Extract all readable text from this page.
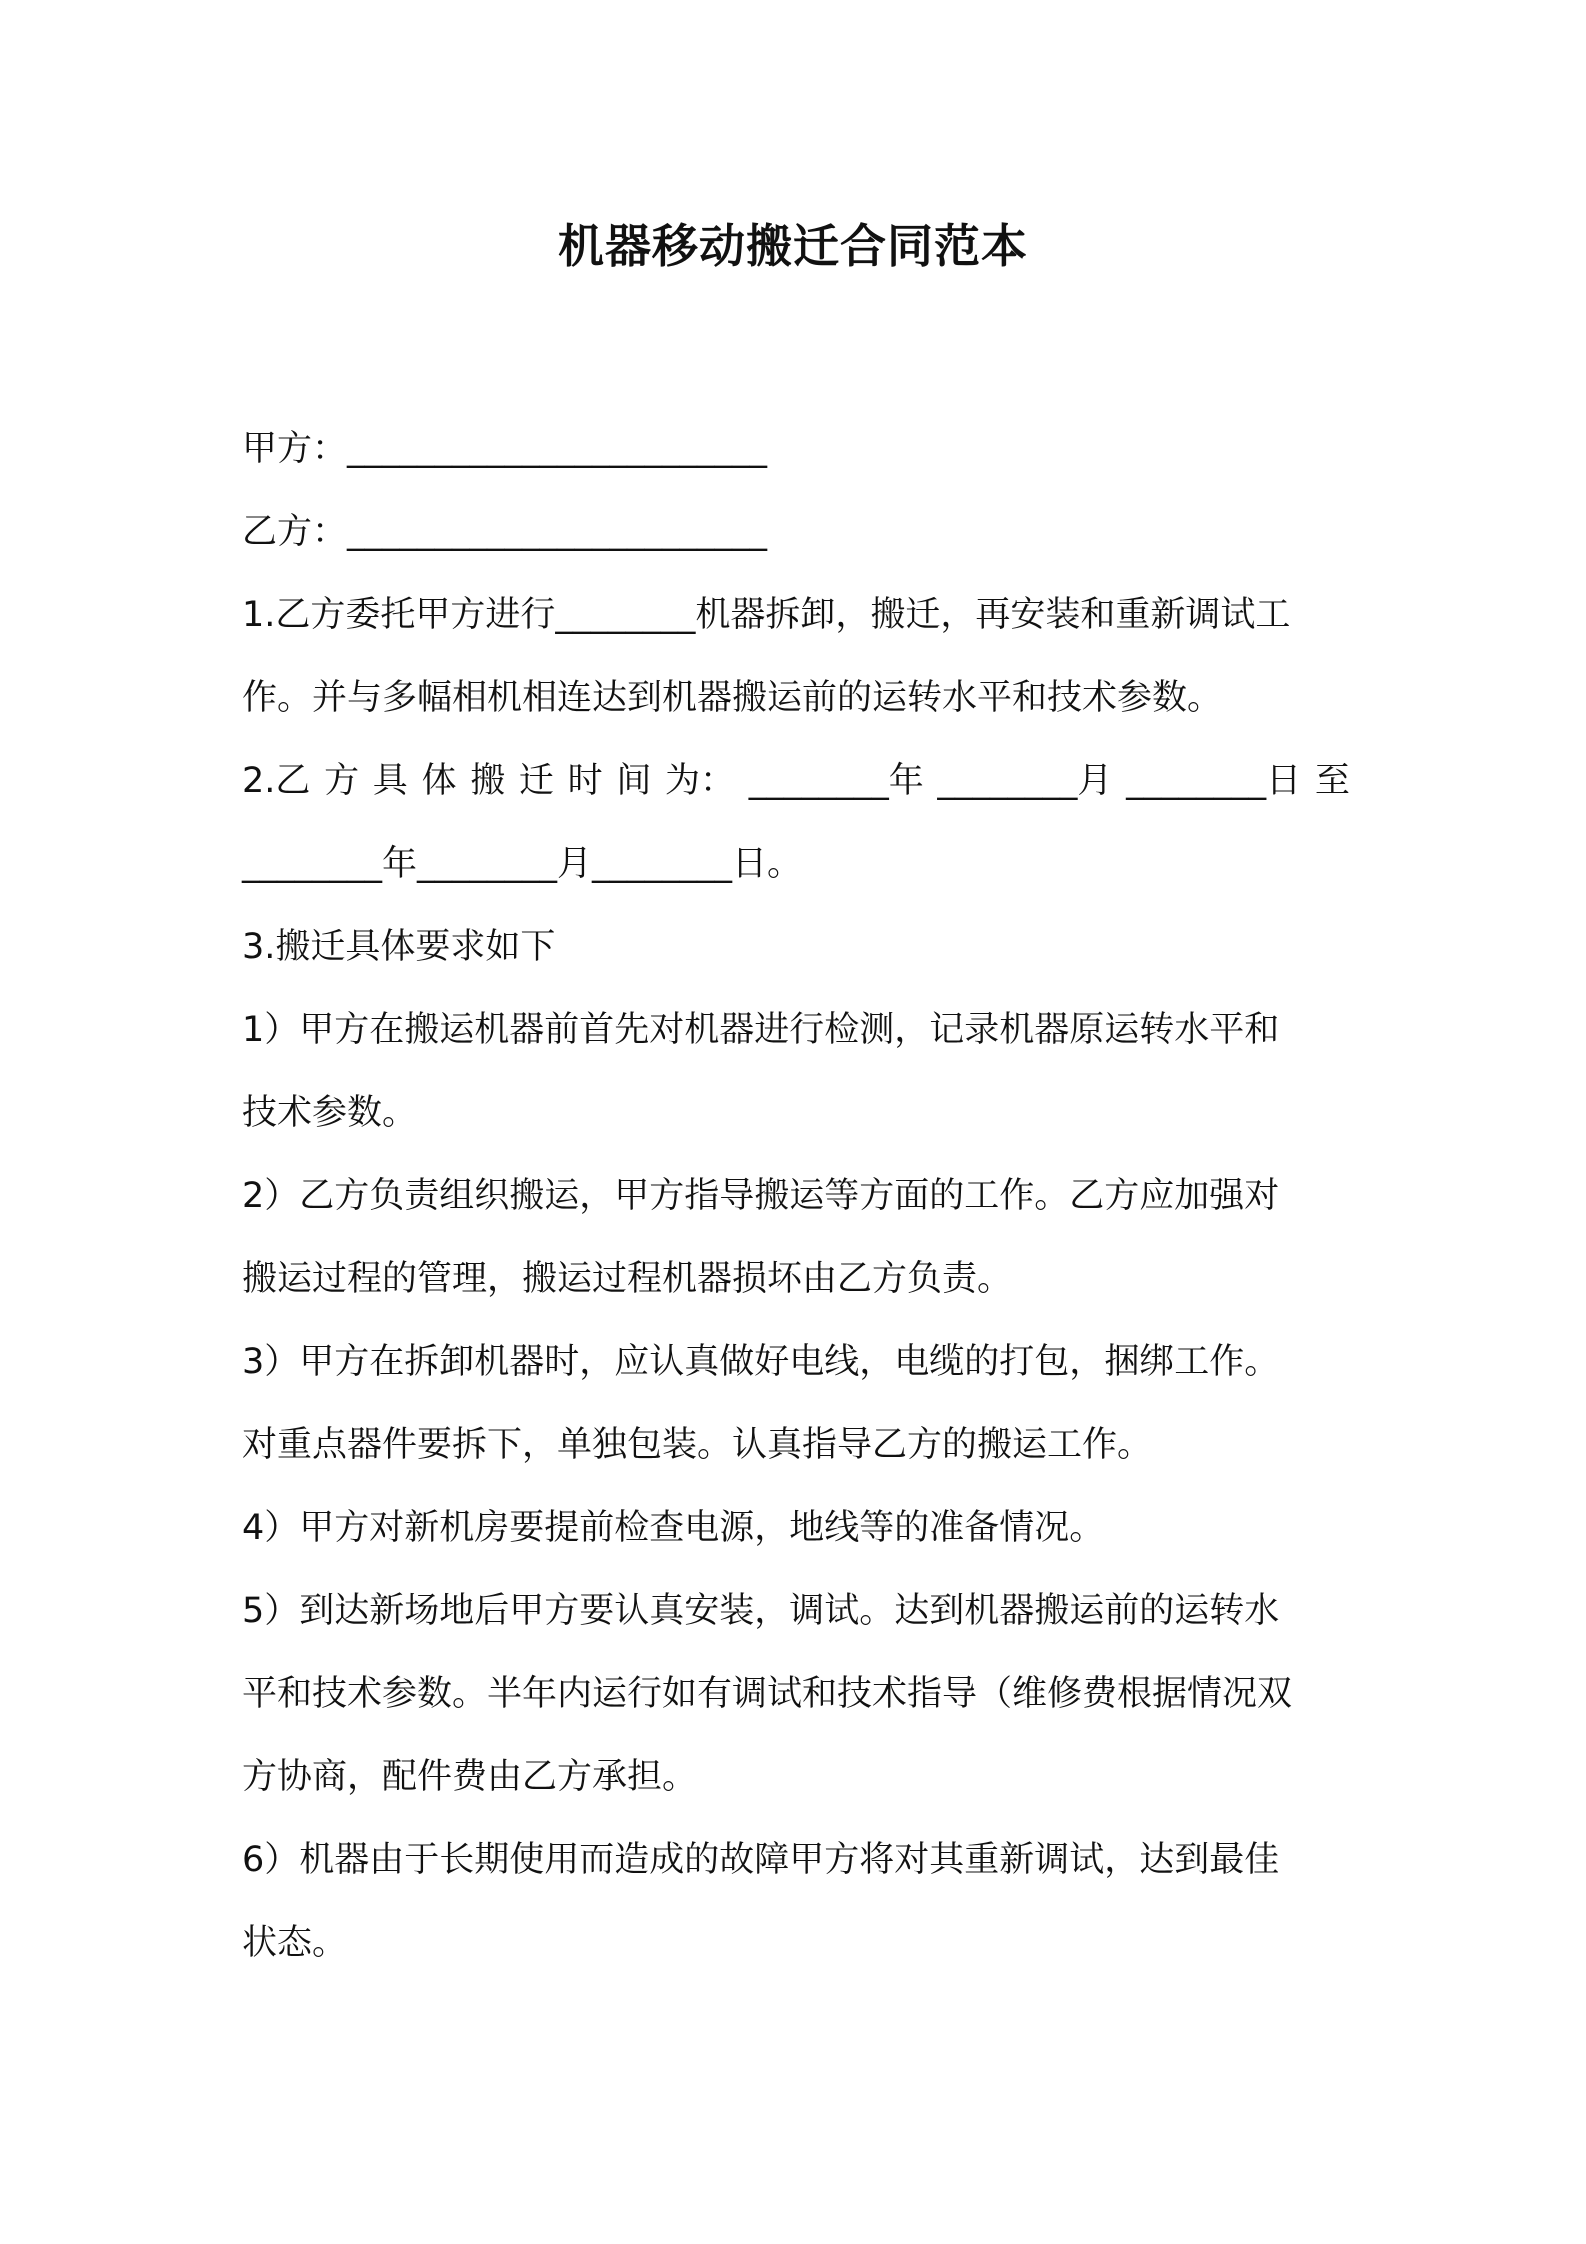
机器移动搬迁合同范本
甲方：________________________
乙方：________________________
1.乙方委托甲方进行________机器拆卸，搬迁，再安装和重新调试工
作。并与多幅相机相连达到机器搬运前的运转水平和技术参数。
2.乙 方 具 体 搬 迁 时 间 为： ________年 ________月 ________日 至
________年________月________日。
3.搬迁具体要求如下
1）甲方在搬运机器前首先对机器进行检测，记录机器原运转水平和
技术参数。
2）乙方负责组织搬运，甲方指导搬运等方面的工作。乙方应加强对
搬运过程的管理，搬运过程机器损坏由乙方负责。
3）甲方在拆卸机器时，应认真做好电线，电缆的打包，捆绑工作。
对重点器件要拆下，单独包装。认真指导乙方的搬运工作。
4）甲方对新机房要提前检查电源，地线等的准备情况。
5）到达新场地后甲方要认真安装，调试。达到机器搬运前的运转水
平和技术参数。半年内运行如有调试和技术指导（维修费根据情况双
方协商，配件费由乙方承担。
6）机器由于长期使用而造成的故障甲方将对其重新调试，达到最佳
状态。
